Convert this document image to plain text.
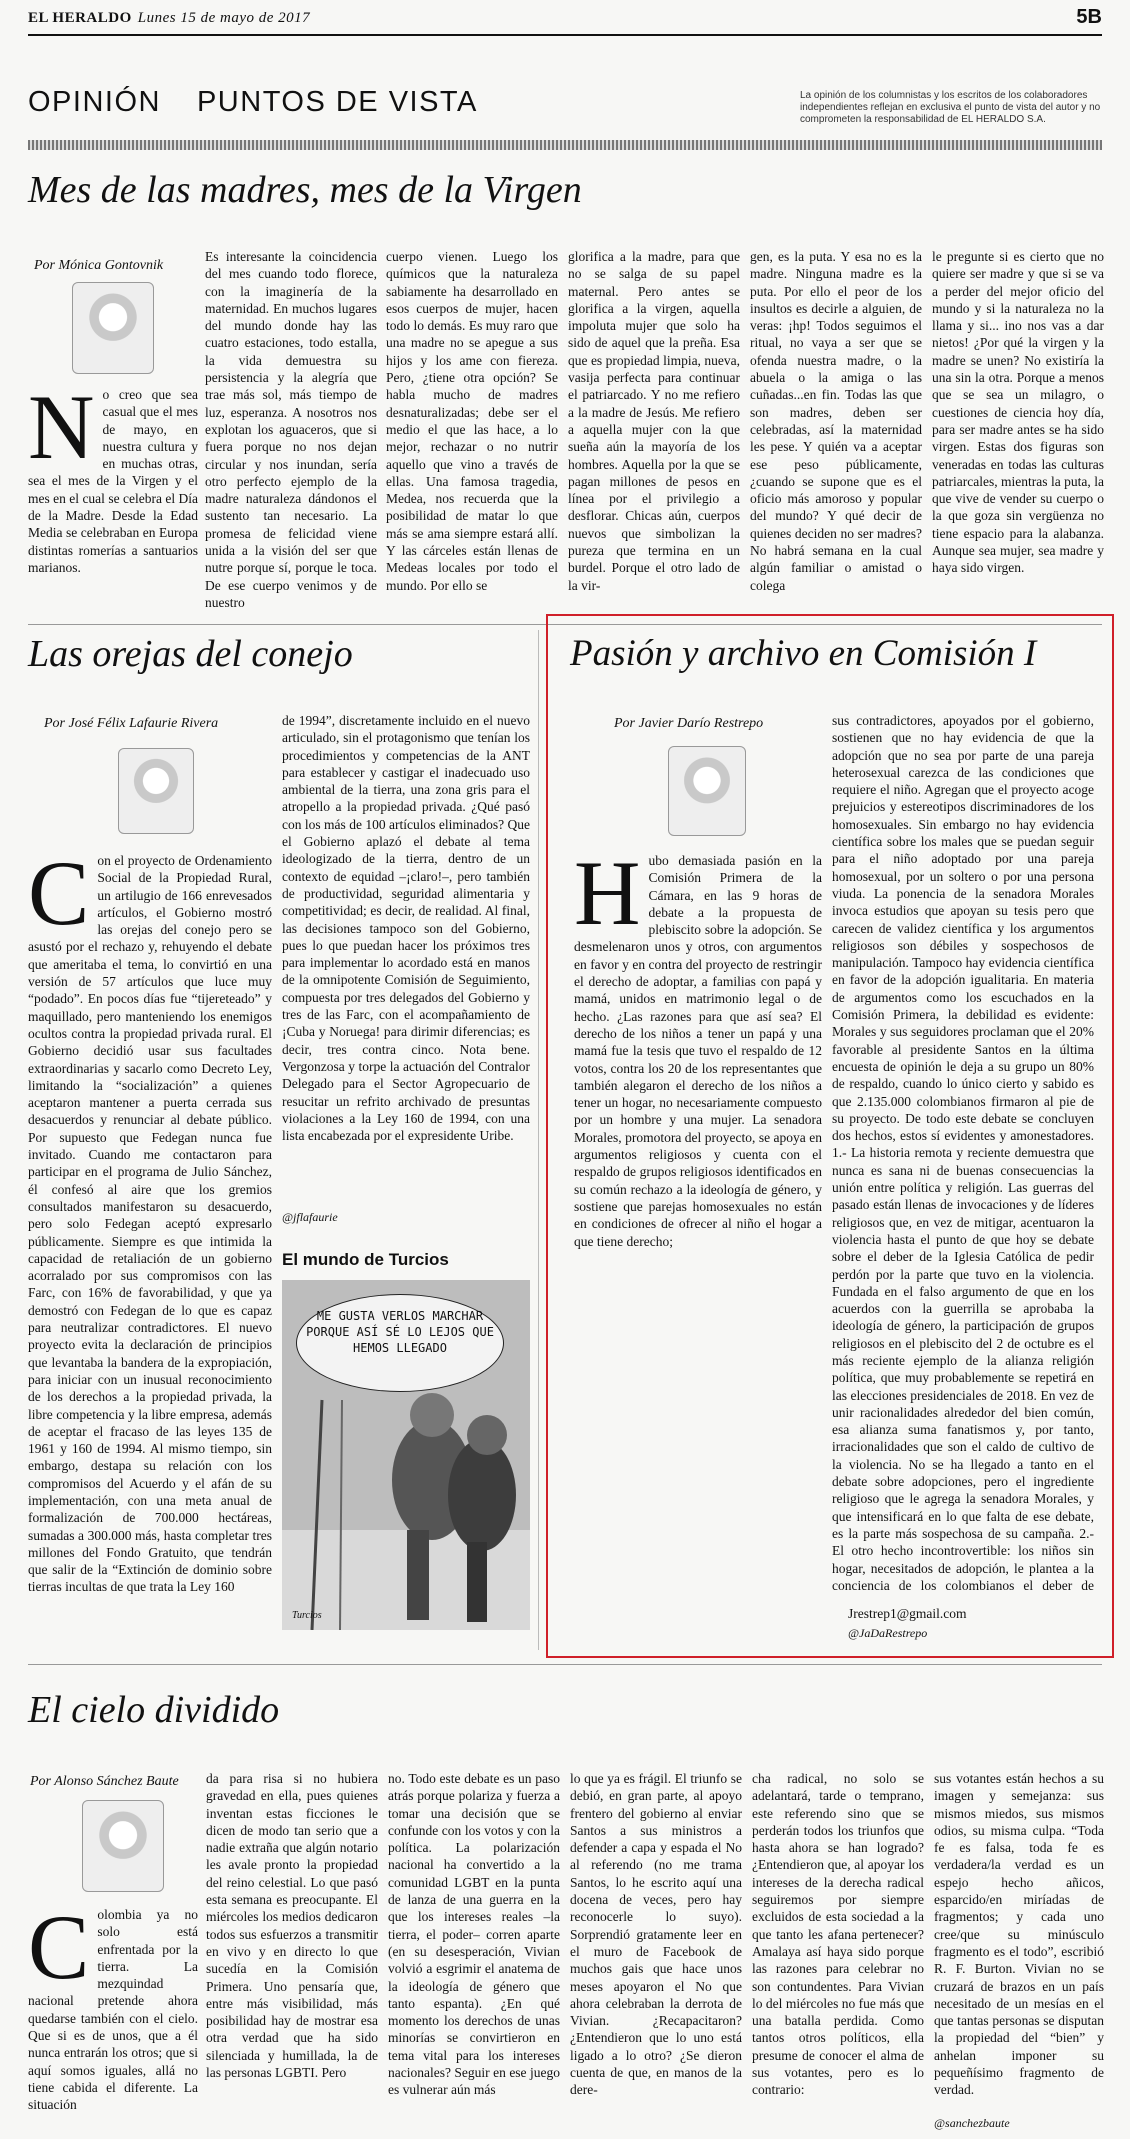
EL HERALDO Lunes 15 de mayo de 2017	5B
OPINIÓN PUNTOS DE VISTA	La opinión de los columnistas y los escritos de los colaboradores independientes reflejan en exclusiva el punto de vista del autor y no comprometen la responsabilidad de EL HERALDO S.A.
Mes de las madres, mes de la Virgen
Por Mónica Gontovnik
N o creo que sea casual que el mes de mayo, en nuestra cultura y en muchas otras, sea el mes de la Virgen y el mes en el cual se celebra el Día de la Madre. Desde la Edad Media se celebraban en Europa distintas romerías a santuarios marianos.

Es interesante la coincidencia del mes cuando todo florece, con la imaginería de la maternidad. En muchos lugares del mundo donde hay las cuatro estaciones, todo estalla, la vida demuestra su persistencia y la alegría que trae más sol, más tiempo de luz, esperanza. A nosotros nos explotan los aguaceros, que si fuera porque no nos dejan circular y nos inundan, sería otro perfecto ejemplo de la madre naturaleza dándonos el sustento tan necesario. La promesa de felicidad viene unida a la visión del ser que nutre porque sí, porque le toca. De ese cuerpo venimos y de nuestro
cuerpo vienen. Luego los químicos que la naturaleza sabiamente ha desarrollado en esos cuerpos de mujer, hacen todo lo demás. Es muy raro que una madre no se apegue a sus hijos y los ame con fiereza. Pero, ¿tiene otra opción? Se habla mucho de madres desnaturalizadas; debe ser el medio el que las hace, a lo mejor, rechazar o no nutrir aquello que vino a través de ellas. Una famosa tragedia, Medea, nos recuerda que la posibilidad de matar lo que más se ama siempre estará allí. Y las cárceles están llenas de Medeas locales por todo el mundo. Por ello se
glorifica a la madre, para que no se salga de su papel maternal. Pero antes se glorifica a la virgen, aquella impoluta mujer que solo ha sido de aquel que la preña. Esa que es propiedad limpia, nueva, vasija perfecta para continuar el patriarcado. Y no me refiero a la madre de Jesús. Me refiero a aquella mujer con la que sueña aún la mayoría de los hombres. Aquella por la que se pagan millones de pesos en línea por el privilegio a desflorar. Chicas aún, cuerpos nuevos que simbolizan la pureza que termina en un burdel. Porque el otro lado de la vir-
gen, es la puta. Y esa no es la madre. Ninguna madre es la puta. Por ello el peor de los insultos es decirle a alguien, de veras: ¡hp! Todos seguimos el ritual, no vaya a ser que se ofenda nuestra madre, o la abuela o la amiga o las cuñadas...en fin. Todas las que son madres, deben ser celebradas, así la maternidad les pese. Y quién va a aceptar ese peso públicamente, ¿cuando se supone que es el oficio más amoroso y popular del mundo? Y qué decir de quienes deciden no ser madres? No habrá semana en la cual algún familiar o amistad o colega
le pregunte si es cierto que no quiere ser madre y que si se va a perder del mejor oficio del mundo y si la naturaleza no la llama y si... ino nos vas a dar nietos! ¿Por qué la virgen y la madre se unen? No existiría la una sin la otra. Porque a menos que se sea un milagro, o cuestiones de ciencia hoy día, para ser madre antes se ha sido virgen. Estas dos figuras son veneradas en todas las culturas patriarcales, mientras la puta, la que vive de vender su cuerpo o la que goza sin vergüenza no tiene espacio para la alabanza. Aunque sea mujer, sea madre y haya sido virgen.
Las orejas del conejo
Por José Félix Lafaurie Rivera
C on el proyecto de Ordenamiento Social de la Propiedad Rural, un artilugio de 166 enrevesados artículos, el Gobierno mostró las orejas del conejo pero se asustó por el rechazo y, rehuyendo el debate que ameritaba el tema, lo convirtió en una versión de 57 artículos que luce muy “podado”. En pocos días fue “tijereteado” y maquillado, pero manteniendo los enemigos ocultos contra la propiedad privada rural. El Gobierno decidió usar sus facultades extraordinarias y sacarlo como Decreto Ley, limitando la “socialización” a quienes aceptaron mantener a puerta cerrada sus desacuerdos y renunciar al debate público. Por supuesto que Fedegan nunca fue invitado. Cuando me contactaron para participar en el programa de Julio Sánchez, él confesó al aire que los gremios consultados manifestaron su desacuerdo, pero solo Fedegan aceptó expresarlo públicamente. Siempre es que intimida la capacidad de retaliación de un gobierno acorralado por sus compromisos con las Farc, con 16% de favorabilidad, y que ya demostró con Fedegan de lo que es capaz para neutralizar contradictores. El nuevo proyecto evita la declaración de principios que levantaba la bandera de la expropiación, para iniciar con un inusual reconocimiento de los derechos a la propiedad privada, la libre competencia y la libre empresa, además de aceptar el fracaso de las leyes 135 de 1961 y 160 de 1994. Al mismo tiempo, sin embargo, destapa su relación con los compromisos del Acuerdo y el afán de su implementación, con una meta anual de formalización de 700.000 hectáreas, sumadas a 300.000 más, hasta completar tres millones del Fondo Gratuito, que tendrán que salir de la “Extinción de dominio sobre tierras incultas de que trata la Ley 160

de 1994”, discretamente incluido en el nuevo articulado, sin el protagonismo que tenían los procedimientos y competencias de la ANT para establecer y castigar el inadecuado uso ambiental de la tierra, una zona gris para el atropello a la propiedad privada. ¿Qué pasó con los más de 100 artículos eliminados? Que el Gobierno aplazó el debate al tema ideologizado de la tierra, dentro de un contexto de equidad –¡claro!–, pero también de productividad, seguridad alimentaria y competitividad; es decir, de realidad. Al final, las decisiones tampoco son del Gobierno, pues lo que puedan hacer los próximos tres para implementar lo acordado está en manos de la omnipotente Comisión de Seguimiento, compuesta por tres delegados del Gobierno y tres de las Farc, con el acompañamiento de ¡Cuba y Noruega! para dirimir diferencias; es decir, tres contra cinco. Nota bene. Vergonzosa y torpe la actuación del Contralor Delegado para el Sector Agropecuario de resucitar un refrito archivado de presuntas violaciones a la Ley 160 de 1994, con una lista encabezada por el expresidente Uribe.
@jflafaurie
El mundo de Turcios
ME GUSTA VERLOS MARCHAR PORQUE ASÍ SÉ LO LEJOS QUE HEMOS LLEGADO
Turcios
Pasión y archivo en Comisión I
Por Javier Darío Restrepo
H ubo demasiada pasión en la Comisión Primera de la Cámara, en las 9 horas de debate a la propuesta de plebiscito sobre la adopción. Se desmelenaron unos y otros, con argumentos en favor y en contra del proyecto de restringir el derecho de adoptar, a familias con papá y mamá, unidos en matrimonio legal o de hecho. ¿Las razones para que así sea? El derecho de los niños a tener un papá y una mamá fue la tesis que tuvo el respaldo de 12 votos, contra los 20 de los representantes que también alegaron el derecho de los niños a tener un hogar, no necesariamente compuesto por un hombre y una mujer. La senadora Morales, promotora del proyecto, se apoya en argumentos religiosos y cuenta con el respaldo de grupos religiosos identificados en su común rechazo a la ideología de género, y sostiene que parejas homosexuales no están en condiciones de ofrecer al niño el hogar a que tiene derecho;

sus contradictores, apoyados por el gobierno, sostienen que no hay evidencia de que la adopción que no sea por parte de una pareja heterosexual carezca de las condiciones que requiere el niño. Agregan que el proyecto acoge prejuicios y estereotipos discriminadores de los homosexuales. Sin embargo no hay evidencia científica sobre los males que se puedan seguir para el niño adoptado por una pareja homosexual, por un soltero o por una persona viuda. La ponencia de la senadora Morales invoca estudios que apoyan su tesis pero que carecen de validez científica y los argumentos religiosos son débiles y sospechosos de manipulación. Tampoco hay evidencia científica en favor de la adopción igualitaria. En materia de argumentos como los escuchados en la Comisión Primera, la debilidad es evidente: Morales y sus seguidores proclaman que el 20% favorable al presidente Santos en la última encuesta de opinión le deja a su grupo un 80% de respaldo, cuando lo único cierto y sabido es que 2.135.000 colombianos firmaron al pie de su proyecto. De todo este debate se concluyen dos hechos, estos sí evidentes y amonestadores. 1.- La historia remota y reciente demuestra que nunca es sana ni de buenas consecuencias la unión entre política y religión. Las guerras del pasado están llenas de invocaciones y de líderes religiosos que, en vez de mitigar, acentuaron la violencia hasta el punto de que hoy se debate sobre el deber de la Iglesia Católica de pedir perdón por la parte que tuvo en la violencia. Fundada en el falso argumento de que en los acuerdos con la guerrilla se aprobaba la ideología de género, la participación de grupos religiosos en el plebiscito del 2 de octubre es el más reciente ejemplo de la alianza religión política, que muy probablemente se repetirá en las elecciones presidenciales de 2018. En vez de unir racionalidades alrededor del bien común, esa alianza suma fanatismos y, por tanto, irracionalidades que son el caldo de cultivo de la violencia. No se ha llegado a tanto en el debate sobre adopciones, pero el ingrediente religioso que le agrega la senadora Morales, y que intensificará en lo que falta de ese debate, es la parte más sospechosa de su campaña. 2.- El otro hecho incontrovertible: los niños sin hogar, necesitados de adopción, le plantea a la conciencia de los colombianos el deber de
Jrestrep1@gmail.com
@JaDaRestrepo
El cielo dividido
Por Alonso Sánchez Baute
C olombia ya no solo está enfrentada por la tierra. La mezquindad nacional pretende ahora quedarse también con el cielo. Que si es de unos, que a él nunca entrarán los otros; que si aquí somos iguales, allá no tiene cabida el diferente. La situación

da para risa si no hubiera gravedad en ella, pues quienes inventan estas ficciones le dicen de modo tan serio que a nadie extraña que algún notario les avale pronto la propiedad del reino celestial. Lo que pasó esta semana es preocupante. El miércoles los medios dedicaron todos sus esfuerzos a transmitir en vivo y en directo lo que sucedía en la Comisión Primera. Uno pensaría que, entre más visibilidad, más posibilidad hay de mostrar esa otra verdad que ha sido silenciada y humillada, la de las personas LGBTI. Pero
no. Todo este debate es un paso atrás porque polariza y fuerza a tomar una decisión que se confunde con los votos y con la política. La polarización nacional ha convertido a la comunidad LGBT en la punta de lanza de una guerra en la que los intereses reales –la tierra, el poder– corren aparte (en su desesperación, Vivian volvió a esgrimir el anatema de la ideología de género que tanto espanta). ¿En qué momento los derechos de unas minorías se convirtieron en tema vital para los intereses nacionales? Seguir en ese juego es vulnerar aún más
lo que ya es frágil. El triunfo se debió, en gran parte, al apoyo frentero del gobierno al enviar Santos a sus ministros a defender a capa y espada el No al referendo (no me trama Santos, lo he escrito aquí una docena de veces, pero hay reconocerle lo suyo). Sorprendió gratamente leer en el muro de Facebook de muchos gais que hace unos meses apoyaron el No que ahora celebraban la derrota de Vivian. ¿Recapacitaron? ¿Entendieron que lo uno está ligado a lo otro? ¿Se dieron cuenta de que, en manos de la dere-
cha radical, no solo se adelantará, tarde o temprano, este referendo sino que se perderán todos los triunfos que hasta ahora se han logrado? ¿Entendieron que, al apoyar los intereses de la derecha radical seguiremos por siempre excluidos de esta sociedad a la que tanto les afana pertenecer? Amalaya así haya sido porque las razones para celebrar no son contundentes. Para Vivian lo del miércoles no fue más que una batalla perdida. Como tantos otros políticos, ella presume de conocer el alma de sus votantes, pero es lo contrario:
sus votantes están hechos a su imagen y semejanza: sus mismos miedos, sus mismos odios, su misma culpa. “Toda fe es falsa, toda fe es verdadera/la verdad es un espejo hecho añicos, esparcido/en miríadas de fragmentos; y cada uno cree/que su minúsculo fragmento es el todo”, escribió R. F. Burton. Vivian no se cruzará de brazos en un país necesitado de un mesías en el que tantas personas se disputan la propiedad del “bien” y anhelan imponer su pequeñísimo fragmento de verdad.
@sanchezbaute
